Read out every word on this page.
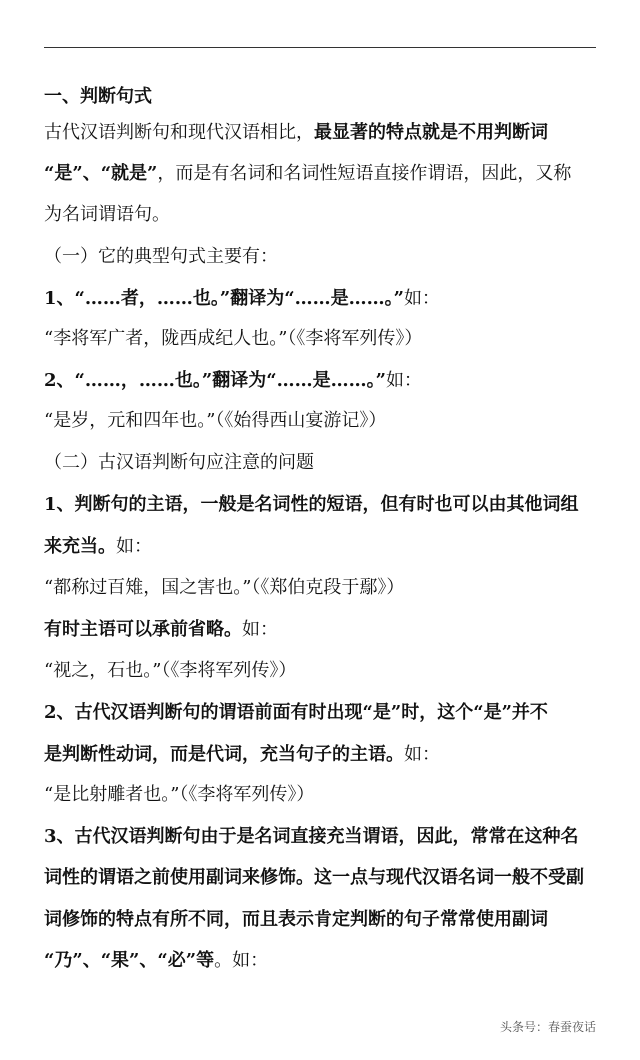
一、判断句式
古代汉语判断句和现代汉语相比，最显著的特点就是不用判断词
“是”、“就是”，而是有名词和名词性短语直接作谓语，因此，又称
为名词谓语句。
（一）它的典型句式主要有：
1、“……者，……也。”翻译为“……是……。”如：
“李将军广者，陇西成纪人也。”（《李将军列传》）
2、“……，……也。”翻译为“……是……。”如：
“是岁，元和四年也。”（《始得西山宴游记》）
（二）古汉语判断句应注意的问题
1、判断句的主语，一般是名词性的短语，但有时也可以由其他词组
来充当。如：
“都称过百雉，国之害也。”（《郑伯克段于鄢》）
有时主语可以承前省略。如：
“视之，石也。”（《李将军列传》）
2、古代汉语判断句的谓语前面有时出现“是”时，这个“是”并不
是判断性动词，而是代词，充当句子的主语。如：
“是比射雕者也。”（《李将军列传》）
3、古代汉语判断句由于是名词直接充当谓语，因此，常常在这种名
词性的谓语之前使用副词来修饰。这一点与现代汉语名词一般不受副
词修饰的特点有所不同，而且表示肯定判断的句子常常使用副词
“乃”、“果”、“必”等。如：
头条号：春蚕夜话
